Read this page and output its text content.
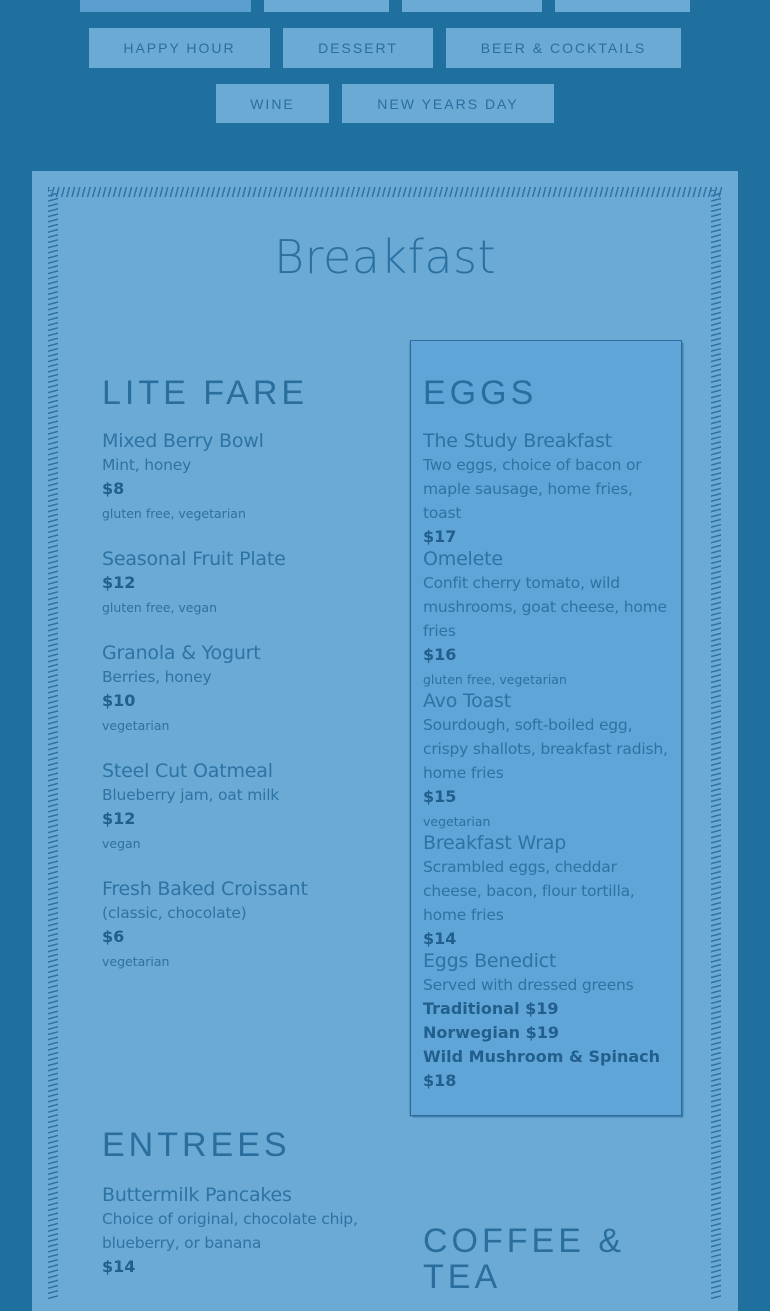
HAPPY HOUR	DESSERT	BEER & COCKTAILS
WINE	NEW YEARS DAY
Breakfast
LITE FARE
Mixed Berry Bowl
Mint, honey
$8
gluten free, vegetarian
Seasonal Fruit Plate
$12
gluten free, vegan
Granola & Yogurt
Berries, honey
$10
vegetarian
Steel Cut Oatmeal
Blueberry jam, oat milk
$12
vegan
Fresh Baked Croissant
(classic, chocolate)
$6
vegetarian
EGGS
The Study Breakfast
Two eggs, choice of bacon or maple sausage, home fries, toast
$17
Omelete
Confit cherry tomato, wild mushrooms, goat cheese, home fries
$16
gluten free, vegetarian
Avo Toast
Sourdough, soft-boiled egg, crispy shallots, breakfast radish, home fries
$15
vegetarian
Breakfast Wrap
Scrambled eggs, cheddar cheese, bacon, flour tortilla, home fries
$14
Eggs Benedict
Served with dressed greens
Traditional $19
Norwegian $19
Wild Mushroom & Spinach $18
ENTREES
Buttermilk Pancakes
Choice of original, chocolate chip, blueberry, or banana
$14
COFFEE & TEA
